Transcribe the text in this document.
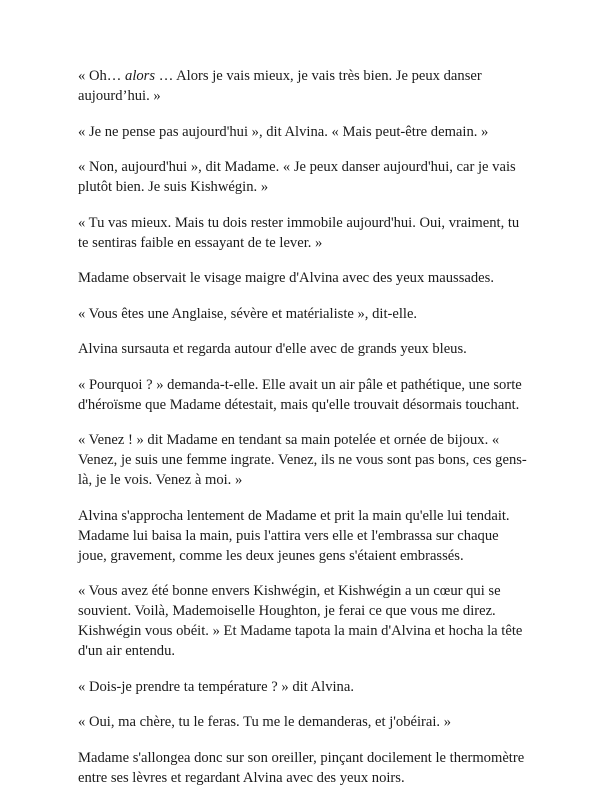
« Oh… alors … Alors je vais mieux, je vais très bien. Je peux danser aujourd’hui. »

« Je ne pense pas aujourd'hui », dit Alvina. « Mais peut-être demain. »

« Non, aujourd'hui », dit Madame. « Je peux danser aujourd'hui, car je vais plutôt bien. Je suis Kishwégin. »

« Tu vas mieux. Mais tu dois rester immobile aujourd'hui. Oui, vraiment, tu te sentiras faible en essayant de te lever. »

Madame observait le visage maigre d'Alvina avec des yeux maussades.

« Vous êtes une Anglaise, sévère et matérialiste », dit-elle.

Alvina sursauta et regarda autour d'elle avec de grands yeux bleus.

« Pourquoi ? » demanda-t-elle. Elle avait un air pâle et pathétique, une sorte d'héroïsme que Madame détestait, mais qu'elle trouvait désormais touchant.

« Venez ! » dit Madame en tendant sa main potelée et ornée de bijoux. « Venez, je suis une femme ingrate. Venez, ils ne vous sont pas bons, ces gens-là, je le vois. Venez à moi. »

Alvina s'approcha lentement de Madame et prit la main qu'elle lui tendait. Madame lui baisa la main, puis l'attira vers elle et l'embrassa sur chaque joue, gravement, comme les deux jeunes gens s'étaient embrassés.

« Vous avez été bonne envers Kishwégin, et Kishwégin a un cœur qui se souvient. Voilà, Mademoiselle Houghton, je ferai ce que vous me direz. Kishwégin vous obéit. » Et Madame tapota la main d'Alvina et hocha la tête d'un air entendu.

« Dois-je prendre ta température ? » dit Alvina.

« Oui, ma chère, tu le feras. Tu me le demanderas, et j'obéirai. »

Madame s'allongea donc sur son oreiller, pinçant docilement le thermomètre entre ses lèvres et regardant Alvina avec des yeux noirs.
